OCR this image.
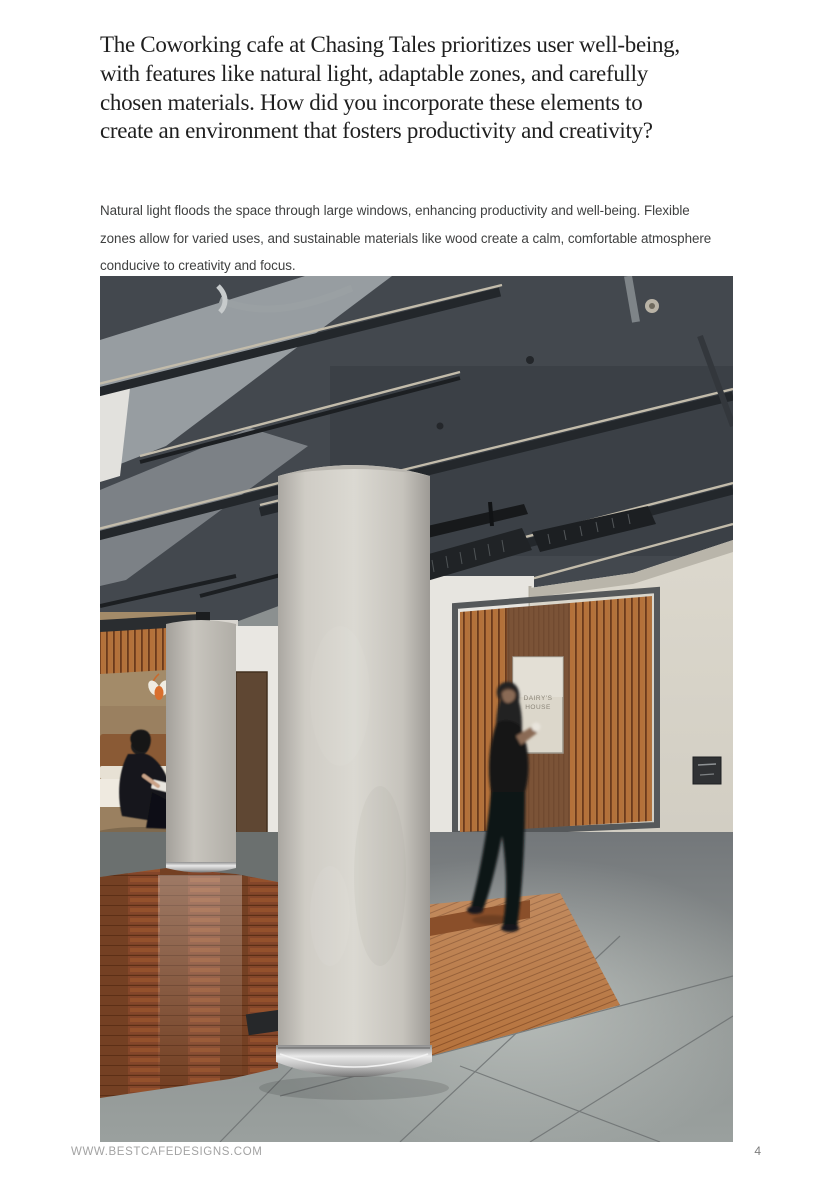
The Coworking cafe at Chasing Tales prioritizes user well-being,
with features like natural light, adaptable zones, and carefully
chosen materials. How did you incorporate these elements to
create an environment that fosters productivity and creativity?
Natural light floods the space through large windows, enhancing productivity and well-being. Flexible
zones allow for varied uses, and sustainable materials like wood create a calm, comfortable atmosphere
conducive to creativity and focus.
DAIRY'S
HOUSE
WWW.BESTCAFEDESIGNS.COM	4
